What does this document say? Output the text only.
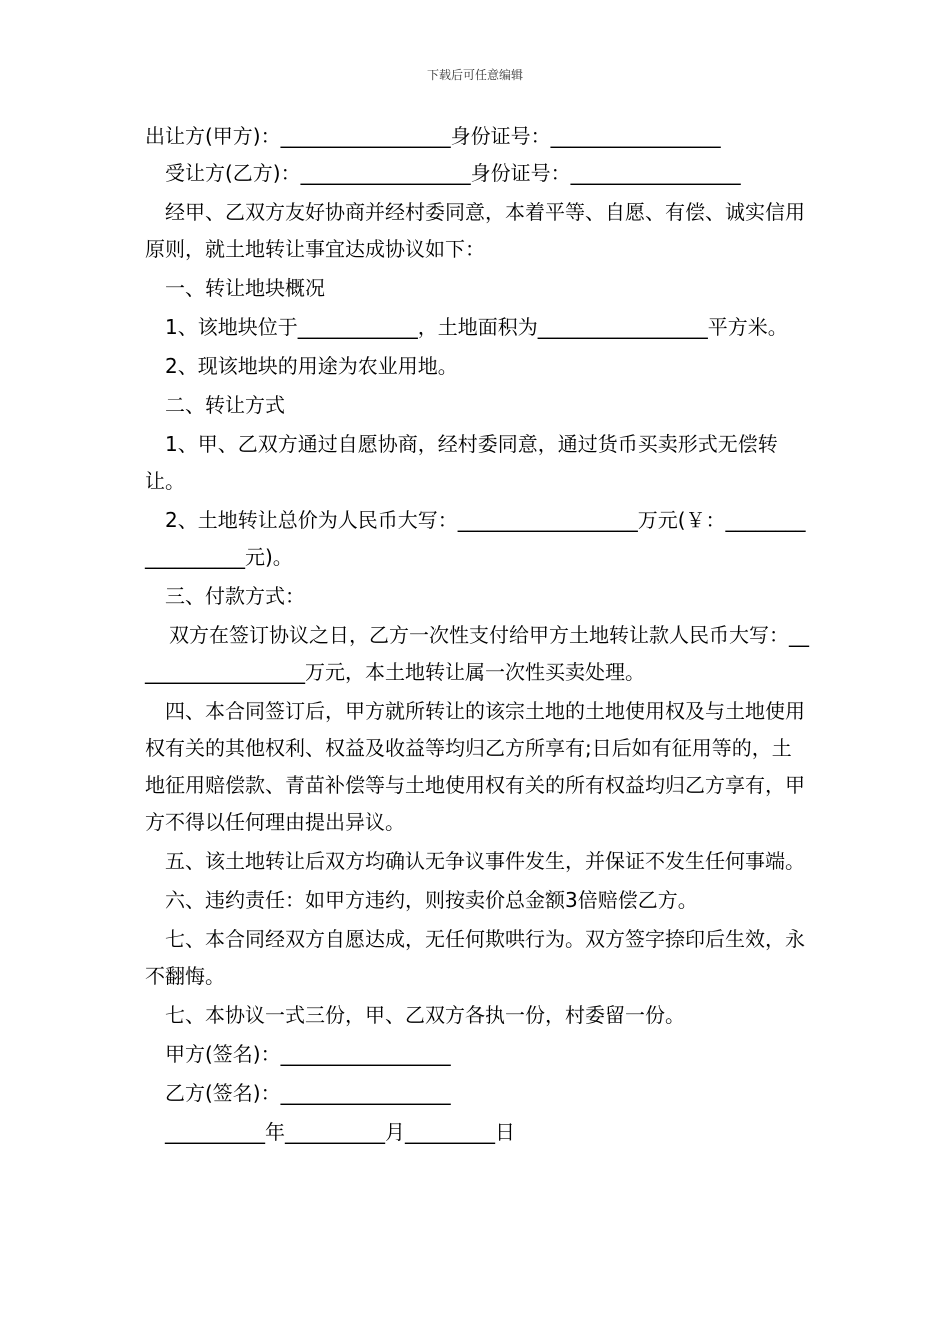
下载后可任意编辑

出让方(甲方)：_________________身份证号：_________________

受让方(乙方)：_________________身份证号：_________________

经甲、乙双方友好协商并经村委同意，本着平等、自愿、有偿、诚实信用原则，就土地转让事宜达成协议如下：

一、转让地块概况

1、该地块位于____________，土地面积为_________________平方米。

2、现该地块的用途为农业用地。

二、转让方式

1、甲、乙双方通过自愿协商，经村委同意，通过货币买卖形式无偿转让。

2、土地转让总价为人民币大写：__________________万元(￥：__________________元)。

三、付款方式：

双方在签订协议之日，乙方一次性支付给甲方土地转让款人民币大写：__________________万元，本土地转让属一次性买卖处理。

四、本合同签订后，甲方就所转让的该宗土地的土地使用权及与土地使用权有关的其他权利、权益及收益等均归乙方所享有;日后如有征用等的，土地征用赔偿款、青苗补偿等与土地使用权有关的所有权益均归乙方享有，甲方不得以任何理由提出异议。

五、该土地转让后双方均确认无争议事件发生，并保证不发生任何事端。

六、违约责任：如甲方违约，则按卖价总金额3倍赔偿乙方。

七、本合同经双方自愿达成，无任何欺哄行为。双方签字捺印后生效，永不翻悔。

七、本协议一式三份，甲、乙双方各执一份，村委留一份。

甲方(签名)：_________________

乙方(签名)：_________________

__________年__________月_________日
